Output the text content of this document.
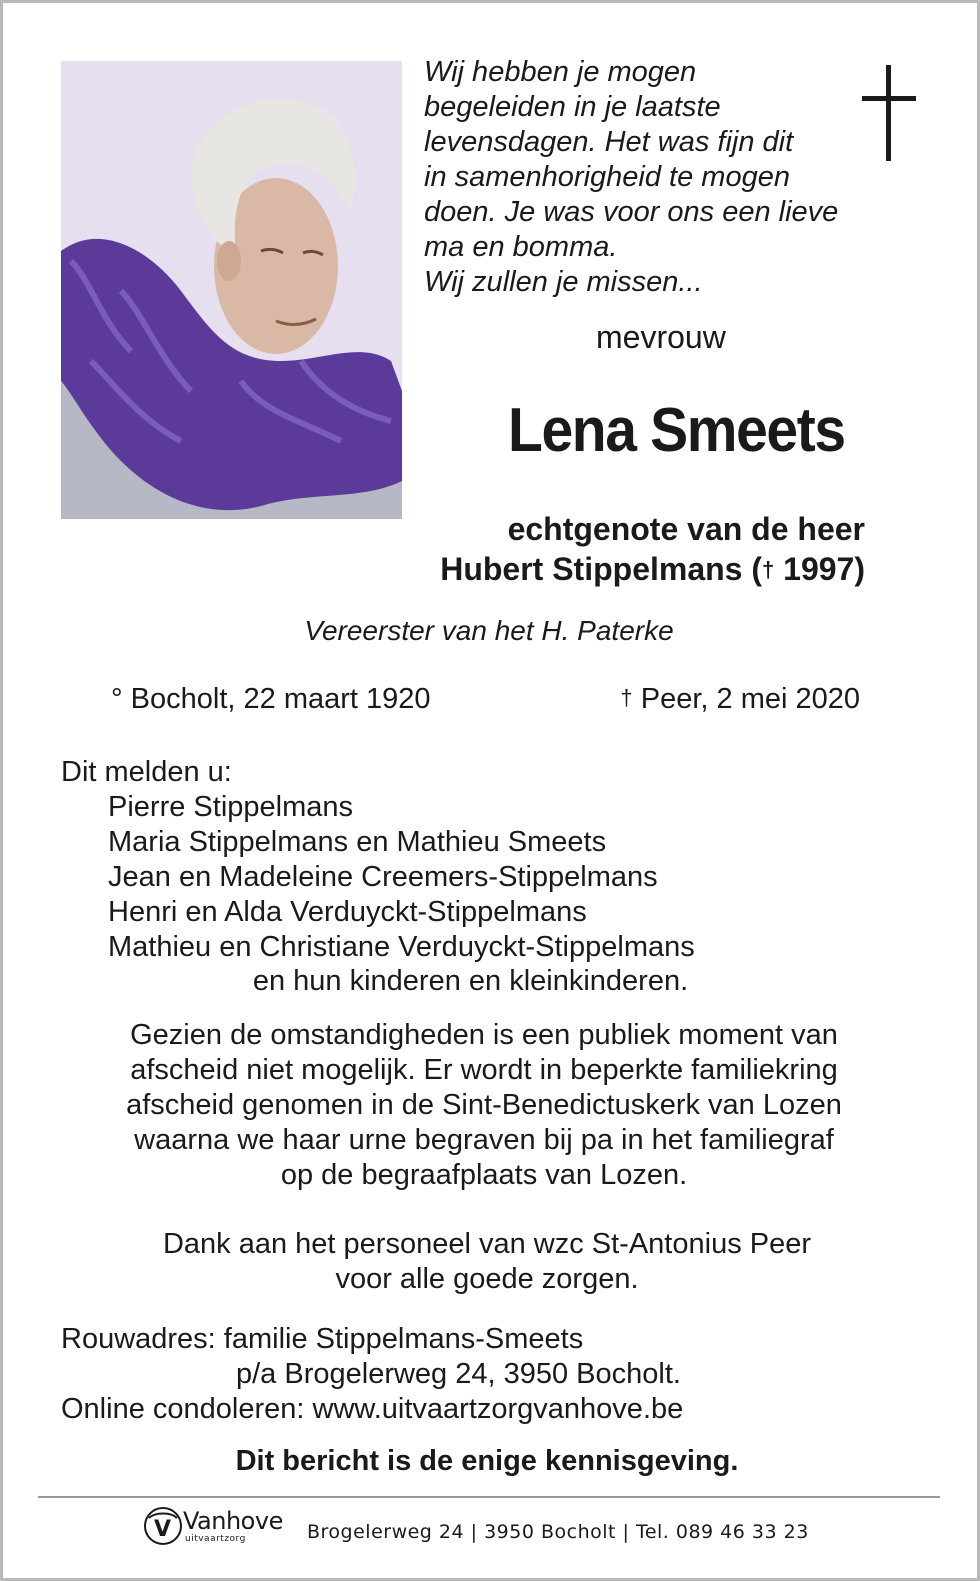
Wij hebben je mogen
begeleiden in je laatste
levensdagen. Het was fijn dit
in samenhorigheid te mogen
doen. Je was voor ons een lieve
ma en bomma.
Wij zullen je missen...
mevrouw
Lena Smeets
echtgenote van de heer
Hubert Stippelmans († 1997)
Vereerster van het H. Paterke
° Bocholt, 22 maart 1920	† Peer, 2 mei 2020
Dit melden u:
Pierre Stippelmans
Maria Stippelmans en Mathieu Smeets
Jean en Madeleine Creemers-Stippelmans
Henri en Alda Verduyckt-Stippelmans
Mathieu en Christiane Verduyckt-Stippelmans
en hun kinderen en kleinkinderen.
Gezien de omstandigheden is een publiek moment van
afscheid niet mogelijk. Er wordt in beperkte familiekring
afscheid genomen in de Sint-Benedictuskerk van Lozen
waarna we haar urne begraven bij pa in het familiegraf
op de begraafplaats van Lozen.
Dank aan het personeel van wzc St-Antonius Peer
voor alle goede zorgen.
Rouwadres: familie Stippelmans-Smeets
p/a Brogelerweg 24, 3950 Bocholt.
Online condoleren: www.uitvaartzorgvanhove.be
Dit bericht is de enige kennisgeving.
V Vanhove
uitvaartzorg	Brogelerweg 24 | 3950 Bocholt | Tel. 089 46 33 23
